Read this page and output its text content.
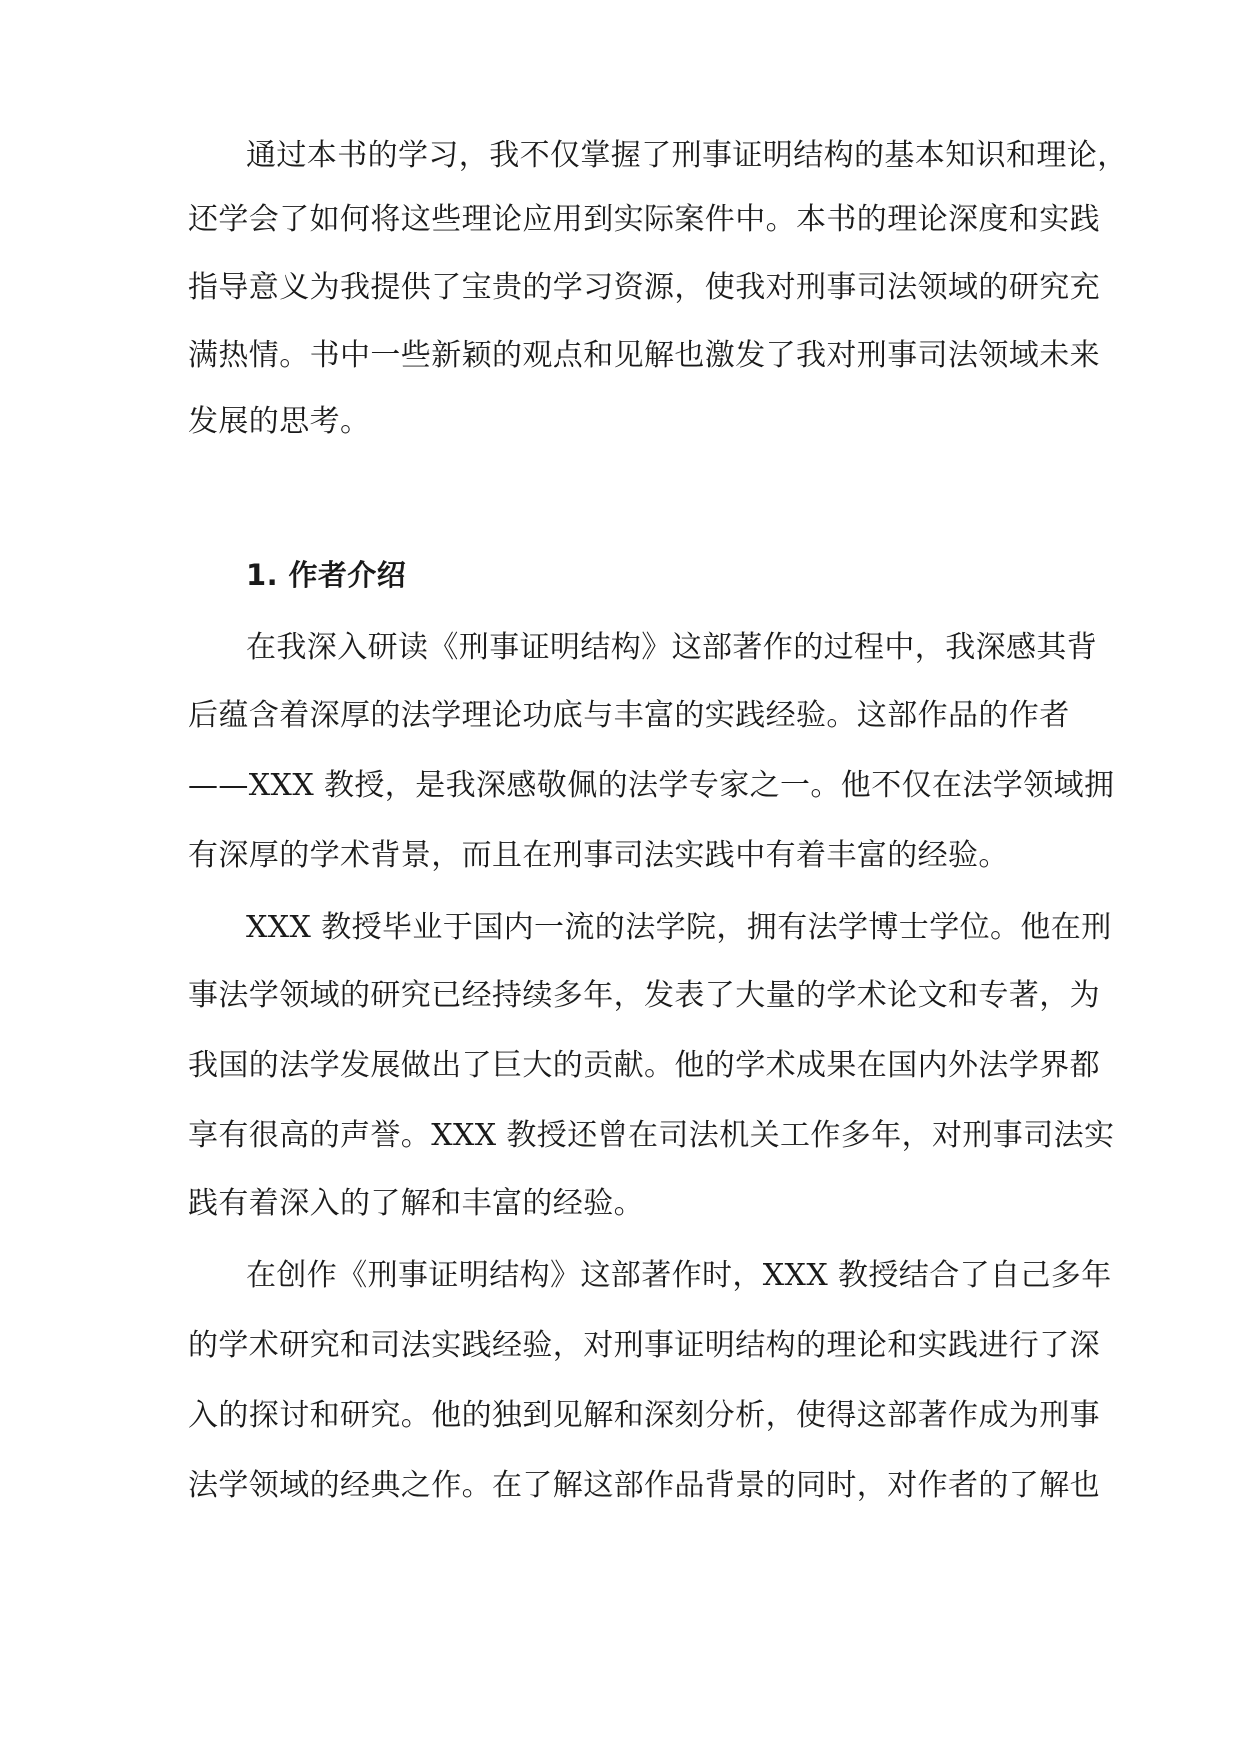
通过本书的学习，我不仅掌握了刑事证明结构的基本知识和理论，

还学会了如何将这些理论应用到实际案件中。本书的理论深度和实践

指导意义为我提供了宝贵的学习资源，使我对刑事司法领域的研究充

满热情。书中一些新颖的观点和见解也激发了我对刑事司法领域未来

发展的思考。

1. 作者介绍

在我深入研读《刑事证明结构》这部著作的过程中，我深感其背

后蕴含着深厚的法学理论功底与丰富的实践经验。这部作品的作者

——XXX 教授，是我深感敬佩的法学专家之一。他不仅在法学领域拥

有深厚的学术背景，而且在刑事司法实践中有着丰富的经验。

XXX 教授毕业于国内一流的法学院，拥有法学博士学位。他在刑

事法学领域的研究已经持续多年，发表了大量的学术论文和专著，为

我国的法学发展做出了巨大的贡献。他的学术成果在国内外法学界都

享有很高的声誉。XXX 教授还曾在司法机关工作多年，对刑事司法实

践有着深入的了解和丰富的经验。

在创作《刑事证明结构》这部著作时，XXX 教授结合了自己多年

的学术研究和司法实践经验，对刑事证明结构的理论和实践进行了深

入的探讨和研究。他的独到见解和深刻分析，使得这部著作成为刑事

法学领域的经典之作。在了解这部作品背景的同时，对作者的了解也
